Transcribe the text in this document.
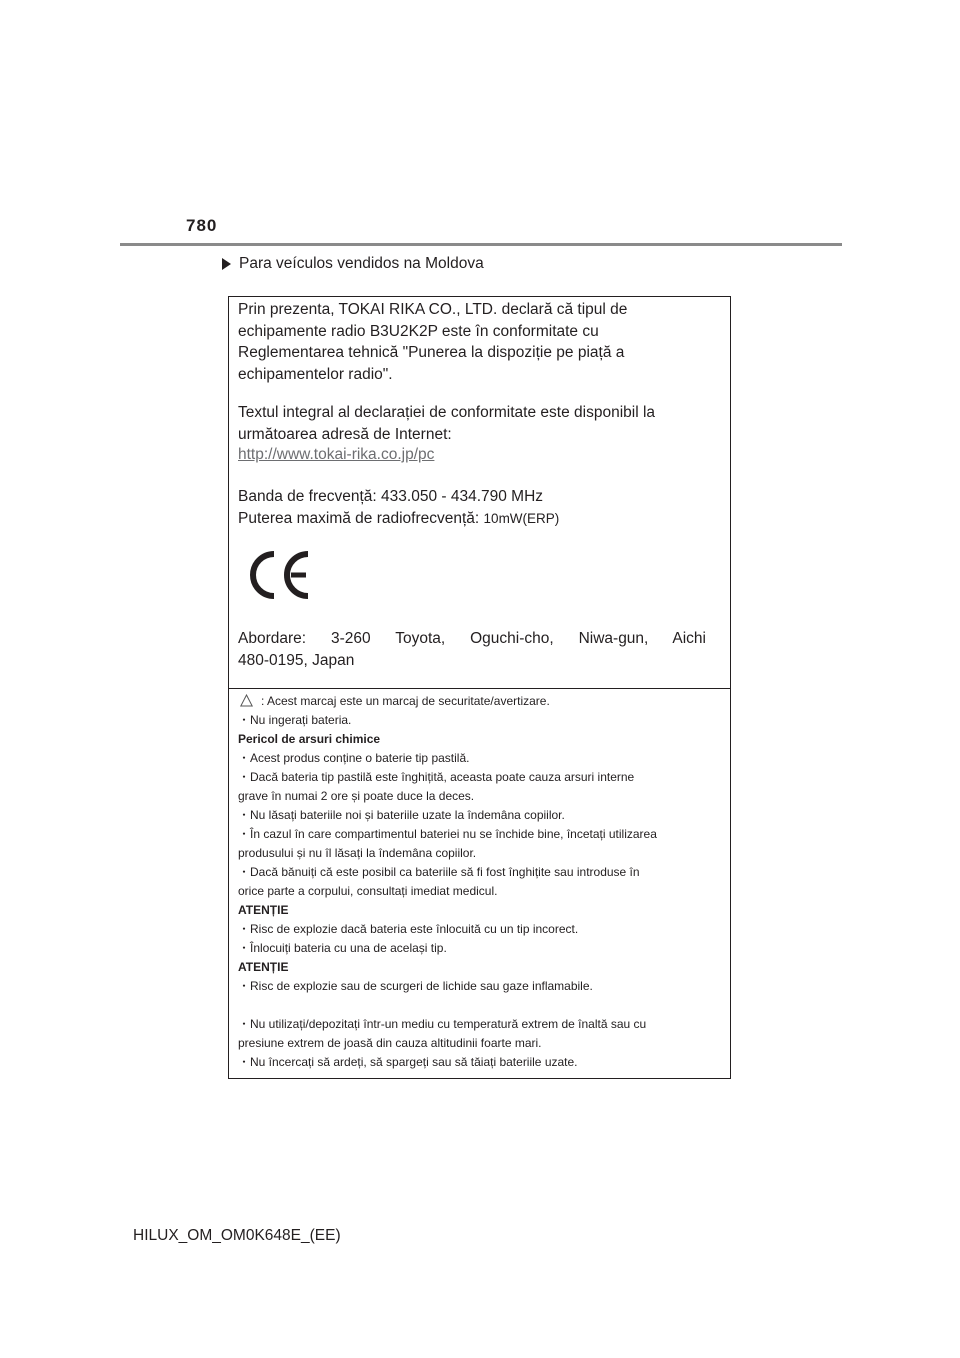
780
Para veículos vendidos na Moldova
Prin prezenta, TOKAI RIKA CO., LTD. declară că tipul de
echipamente radio B3U2K2P este în conformitate cu
Reglementarea tehnică "Punerea la dispoziție pe piață a
echipamentelor radio".
Textul integral al declarației de conformitate este disponibil la
următoarea adresă de Internet:
http://www.tokai-rika.co.jp/pc
Banda de frecvență: 433.050 - 434.790 MHz
Puterea maximă de radiofrecvență: 10mW(ERP)
Abordare: 3-260 Toyota, Oguchi-cho, Niwa-gun, Aichi
480-0195, Japan
: Acest marcaj este un marcaj de securitate/avertizare.
・Nu ingerați bateria.
Pericol de arsuri chimice
・Acest produs conține o baterie tip pastilă.
・Dacă bateria tip pastilă este înghițită, aceasta poate cauza arsuri interne
grave în numai 2 ore și poate duce la deces.
・Nu lăsați bateriile noi și bateriile uzate la îndemâna copiilor.
・În cazul în care compartimentul bateriei nu se închide bine, încetați utilizarea
produsului și nu îl lăsați la îndemâna copiilor.
・Dacă bănuiți că este posibil ca bateriile să fi fost înghițite sau introduse în
orice parte a corpului, consultați imediat medicul.
ATENȚIE
・Risc de explozie dacă bateria este înlocuită cu un tip incorect.
・Înlocuiți bateria cu una de același tip.
ATENȚIE
・Risc de explozie sau de scurgeri de lichide sau gaze inflamabile.
・Nu utilizați/depozitați într-un mediu cu temperatură extrem de înaltă sau cu
presiune extrem de joasă din cauza altitudinii foarte mari.
・Nu încercați să ardeți, să spargeți sau să tăiați bateriile uzate.
HILUX_OM_OM0K648E_(EE)
